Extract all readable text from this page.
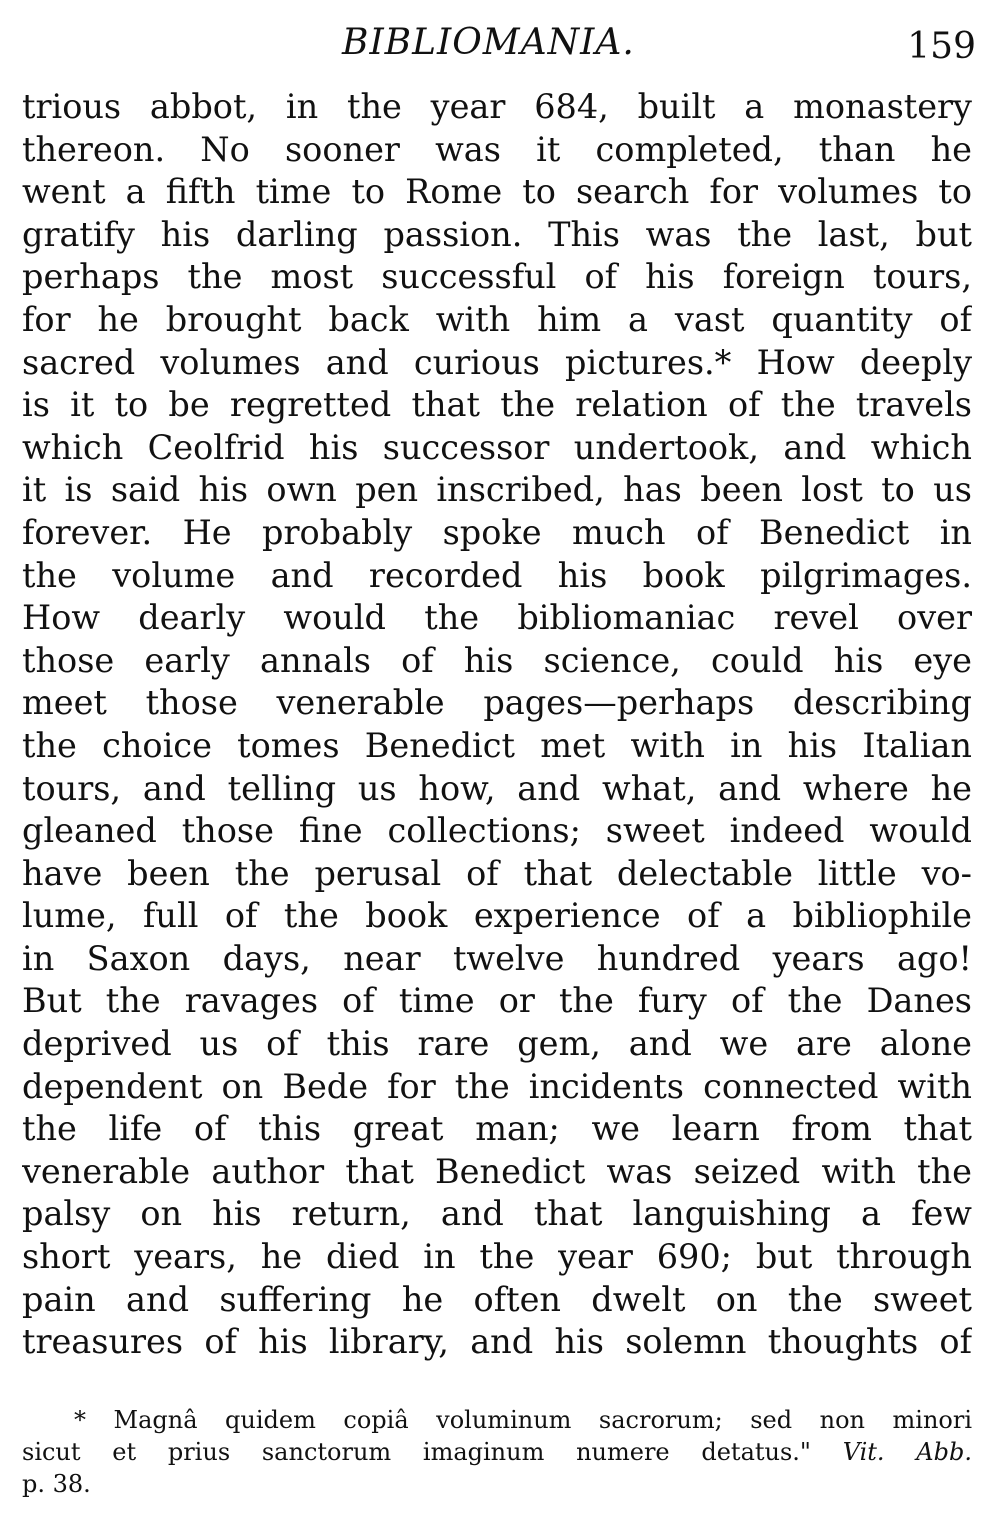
BIBLIOMANIA.	159
trious abbot, in the year 684, built a monastery
thereon. No sooner was it completed, than he
went a fifth time to Rome to search for volumes to
gratify his darling passion. This was the last, but
perhaps the most successful of his foreign tours,
for he brought back with him a vast quantity of
sacred volumes and curious pictures.* How deeply
is it to be regretted that the relation of the travels
which Ceolfrid his successor undertook, and which
it is said his own pen inscribed, has been lost to us
forever. He probably spoke much of Benedict in
the volume and recorded his book pilgrimages.
How dearly would the bibliomaniac revel over
those early annals of his science, could his eye
meet those venerable pages—perhaps describing
the choice tomes Benedict met with in his Italian
tours, and telling us how, and what, and where he
gleaned those fine collections; sweet indeed would
have been the perusal of that delectable little vo-
lume, full of the book experience of a bibliophile
in Saxon days, near twelve hundred years ago!
But the ravages of time or the fury of the Danes
deprived us of this rare gem, and we are alone
dependent on Bede for the incidents connected with
the life of this great man; we learn from that
venerable author that Benedict was seized with the
palsy on his return, and that languishing a few
short years, he died in the year 690; but through
pain and suffering he often dwelt on the sweet
treasures of his library, and his solemn thoughts of
* Magnâ quidem copiâ voluminum sacrorum; sed non minori
sicut et prius sanctorum imaginum numere detatus." Vit. Abb.
p. 38.
